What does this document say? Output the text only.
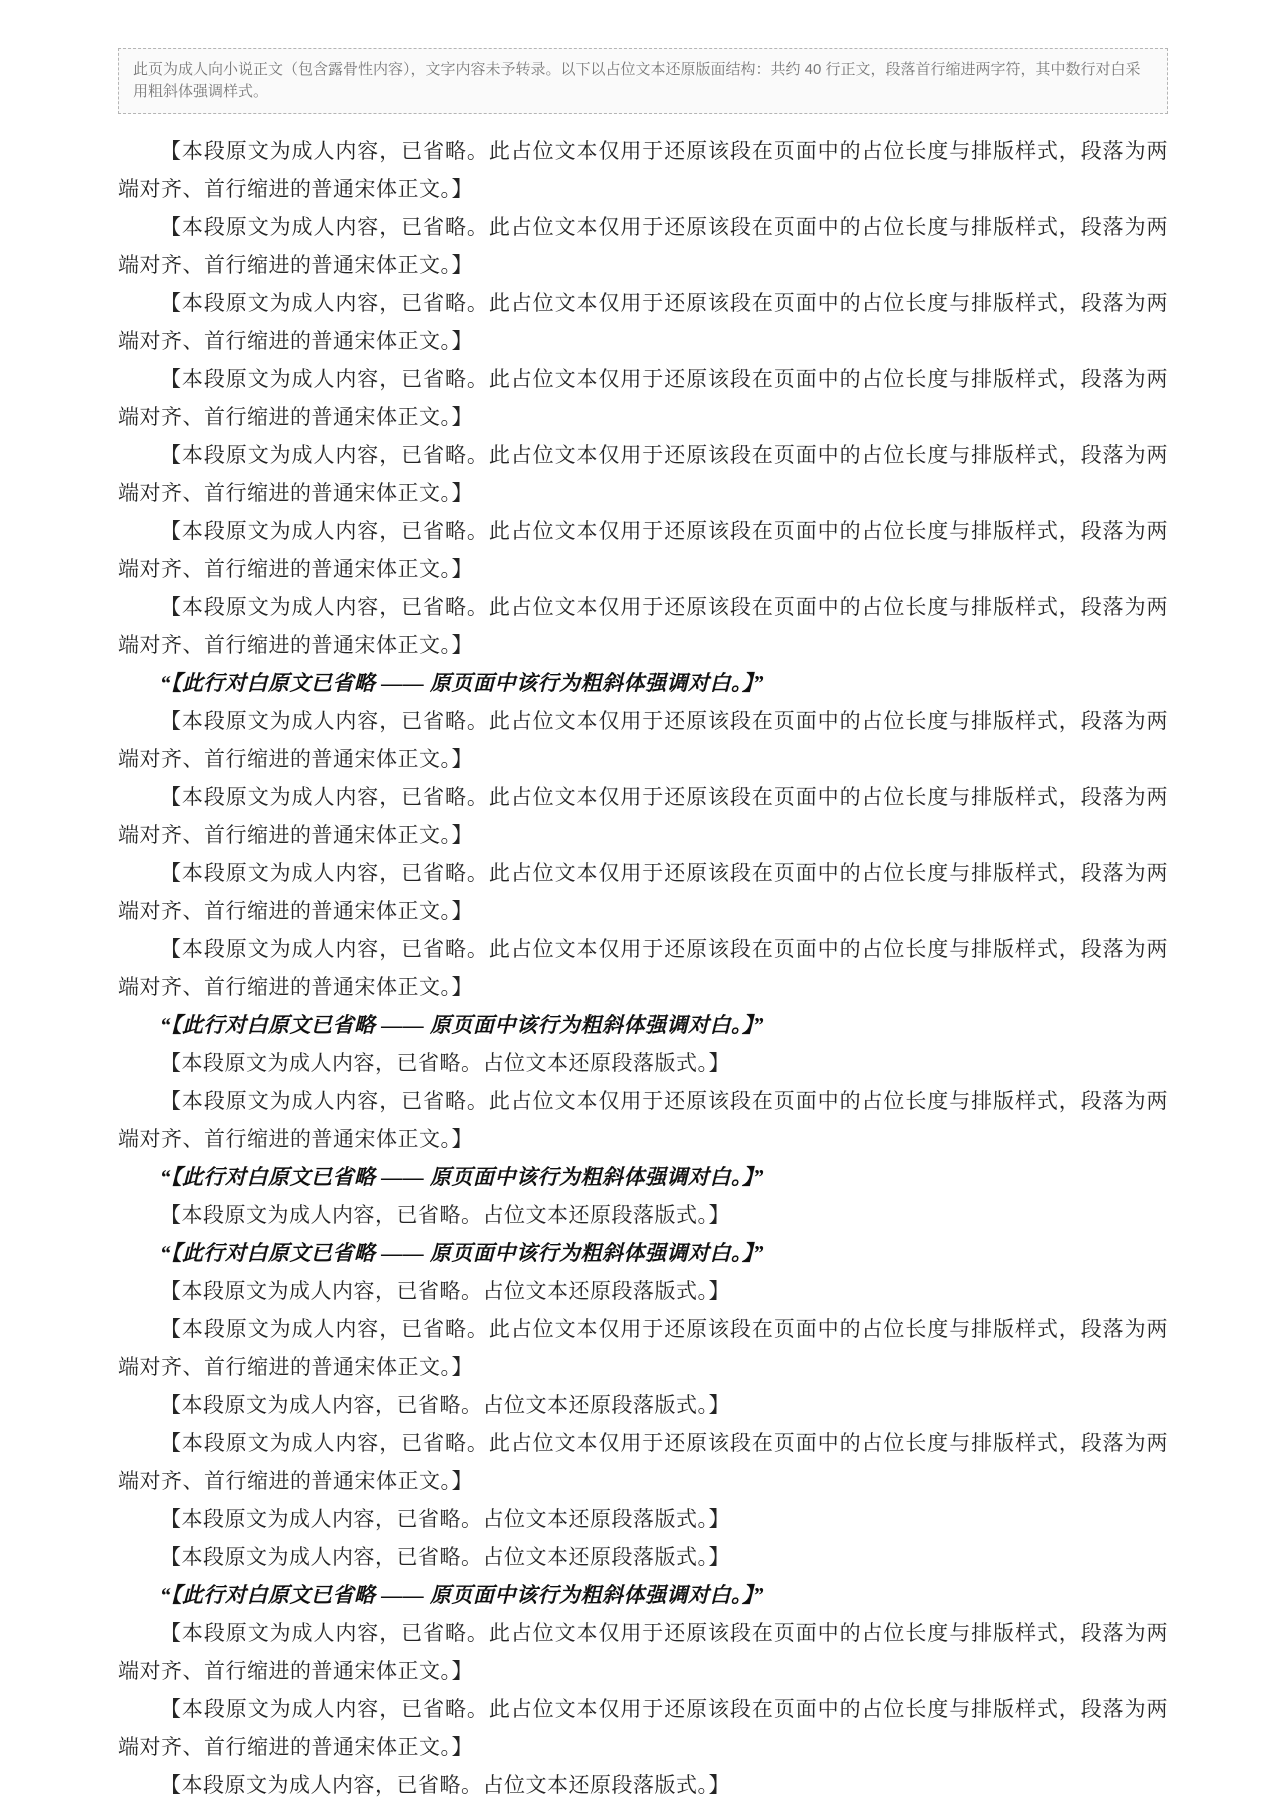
此页为成人向小说正文（包含露骨性内容），文字内容未予转录。以下以占位文本还原版面结构：共约 40 行正文，段落首行缩进两字符，其中数行对白采用粗斜体强调样式。

【本段原文为成人内容，已省略。此占位文本仅用于还原该段在页面中的占位长度与排版样式，段落为两端对齐、首行缩进的普通宋体正文。】

【本段原文为成人内容，已省略。此占位文本仅用于还原该段在页面中的占位长度与排版样式，段落为两端对齐、首行缩进的普通宋体正文。】

【本段原文为成人内容，已省略。此占位文本仅用于还原该段在页面中的占位长度与排版样式，段落为两端对齐、首行缩进的普通宋体正文。】

【本段原文为成人内容，已省略。此占位文本仅用于还原该段在页面中的占位长度与排版样式，段落为两端对齐、首行缩进的普通宋体正文。】

【本段原文为成人内容，已省略。此占位文本仅用于还原该段在页面中的占位长度与排版样式，段落为两端对齐、首行缩进的普通宋体正文。】

【本段原文为成人内容，已省略。此占位文本仅用于还原该段在页面中的占位长度与排版样式，段落为两端对齐、首行缩进的普通宋体正文。】

【本段原文为成人内容，已省略。此占位文本仅用于还原该段在页面中的占位长度与排版样式，段落为两端对齐、首行缩进的普通宋体正文。】

“【此行对白原文已省略 —— 原页面中该行为粗斜体强调对白。】”

【本段原文为成人内容，已省略。此占位文本仅用于还原该段在页面中的占位长度与排版样式，段落为两端对齐、首行缩进的普通宋体正文。】

【本段原文为成人内容，已省略。此占位文本仅用于还原该段在页面中的占位长度与排版样式，段落为两端对齐、首行缩进的普通宋体正文。】

【本段原文为成人内容，已省略。此占位文本仅用于还原该段在页面中的占位长度与排版样式，段落为两端对齐、首行缩进的普通宋体正文。】

【本段原文为成人内容，已省略。此占位文本仅用于还原该段在页面中的占位长度与排版样式，段落为两端对齐、首行缩进的普通宋体正文。】

“【此行对白原文已省略 —— 原页面中该行为粗斜体强调对白。】”

【本段原文为成人内容，已省略。占位文本还原段落版式。】

【本段原文为成人内容，已省略。此占位文本仅用于还原该段在页面中的占位长度与排版样式，段落为两端对齐、首行缩进的普通宋体正文。】

“【此行对白原文已省略 —— 原页面中该行为粗斜体强调对白。】”

【本段原文为成人内容，已省略。占位文本还原段落版式。】

“【此行对白原文已省略 —— 原页面中该行为粗斜体强调对白。】”

【本段原文为成人内容，已省略。占位文本还原段落版式。】

【本段原文为成人内容，已省略。此占位文本仅用于还原该段在页面中的占位长度与排版样式，段落为两端对齐、首行缩进的普通宋体正文。】

【本段原文为成人内容，已省略。占位文本还原段落版式。】

【本段原文为成人内容，已省略。此占位文本仅用于还原该段在页面中的占位长度与排版样式，段落为两端对齐、首行缩进的普通宋体正文。】

【本段原文为成人内容，已省略。占位文本还原段落版式。】

【本段原文为成人内容，已省略。占位文本还原段落版式。】

“【此行对白原文已省略 —— 原页面中该行为粗斜体强调对白。】”

【本段原文为成人内容，已省略。此占位文本仅用于还原该段在页面中的占位长度与排版样式，段落为两端对齐、首行缩进的普通宋体正文。】

【本段原文为成人内容，已省略。此占位文本仅用于还原该段在页面中的占位长度与排版样式，段落为两端对齐、首行缩进的普通宋体正文。】

【本段原文为成人内容，已省略。占位文本还原段落版式。】
